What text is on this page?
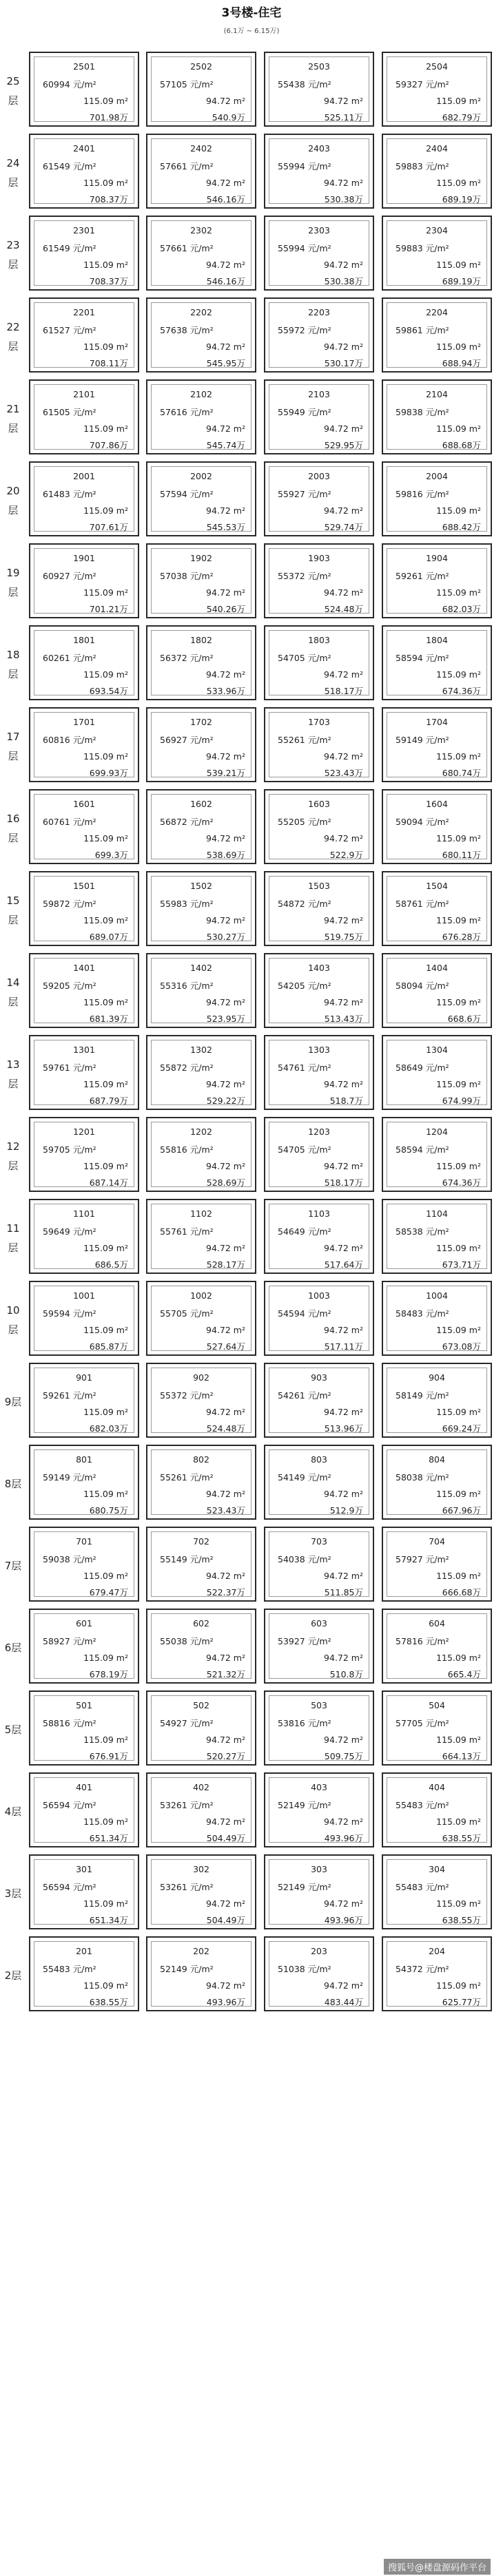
3号楼-住宅
(6.1万 ~ 6.15万)
25
层
2501
60994 元/m²
115.09 m²
701.98万
2502
57105 元/m²
94.72 m²
540.9万
2503
55438 元/m²
94.72 m²
525.11万
2504
59327 元/m²
115.09 m²
682.79万
24
层
2401
61549 元/m²
115.09 m²
708.37万
2402
57661 元/m²
94.72 m²
546.16万
2403
55994 元/m²
94.72 m²
530.38万
2404
59883 元/m²
115.09 m²
689.19万
23
层
2301
61549 元/m²
115.09 m²
708.37万
2302
57661 元/m²
94.72 m²
546.16万
2303
55994 元/m²
94.72 m²
530.38万
2304
59883 元/m²
115.09 m²
689.19万
22
层
2201
61527 元/m²
115.09 m²
708.11万
2202
57638 元/m²
94.72 m²
545.95万
2203
55972 元/m²
94.72 m²
530.17万
2204
59861 元/m²
115.09 m²
688.94万
21
层
2101
61505 元/m²
115.09 m²
707.86万
2102
57616 元/m²
94.72 m²
545.74万
2103
55949 元/m²
94.72 m²
529.95万
2104
59838 元/m²
115.09 m²
688.68万
20
层
2001
61483 元/m²
115.09 m²
707.61万
2002
57594 元/m²
94.72 m²
545.53万
2003
55927 元/m²
94.72 m²
529.74万
2004
59816 元/m²
115.09 m²
688.42万
19
层
1901
60927 元/m²
115.09 m²
701.21万
1902
57038 元/m²
94.72 m²
540.26万
1903
55372 元/m²
94.72 m²
524.48万
1904
59261 元/m²
115.09 m²
682.03万
18
层
1801
60261 元/m²
115.09 m²
693.54万
1802
56372 元/m²
94.72 m²
533.96万
1803
54705 元/m²
94.72 m²
518.17万
1804
58594 元/m²
115.09 m²
674.36万
17
层
1701
60816 元/m²
115.09 m²
699.93万
1702
56927 元/m²
94.72 m²
539.21万
1703
55261 元/m²
94.72 m²
523.43万
1704
59149 元/m²
115.09 m²
680.74万
16
层
1601
60761 元/m²
115.09 m²
699.3万
1602
56872 元/m²
94.72 m²
538.69万
1603
55205 元/m²
94.72 m²
522.9万
1604
59094 元/m²
115.09 m²
680.11万
15
层
1501
59872 元/m²
115.09 m²
689.07万
1502
55983 元/m²
94.72 m²
530.27万
1503
54872 元/m²
94.72 m²
519.75万
1504
58761 元/m²
115.09 m²
676.28万
14
层
1401
59205 元/m²
115.09 m²
681.39万
1402
55316 元/m²
94.72 m²
523.95万
1403
54205 元/m²
94.72 m²
513.43万
1404
58094 元/m²
115.09 m²
668.6万
13
层
1301
59761 元/m²
115.09 m²
687.79万
1302
55872 元/m²
94.72 m²
529.22万
1303
54761 元/m²
94.72 m²
518.7万
1304
58649 元/m²
115.09 m²
674.99万
12
层
1201
59705 元/m²
115.09 m²
687.14万
1202
55816 元/m²
94.72 m²
528.69万
1203
54705 元/m²
94.72 m²
518.17万
1204
58594 元/m²
115.09 m²
674.36万
11
层
1101
59649 元/m²
115.09 m²
686.5万
1102
55761 元/m²
94.72 m²
528.17万
1103
54649 元/m²
94.72 m²
517.64万
1104
58538 元/m²
115.09 m²
673.71万
10
层
1001
59594 元/m²
115.09 m²
685.87万
1002
55705 元/m²
94.72 m²
527.64万
1003
54594 元/m²
94.72 m²
517.11万
1004
58483 元/m²
115.09 m²
673.08万
9层
901
59261 元/m²
115.09 m²
682.03万
902
55372 元/m²
94.72 m²
524.48万
903
54261 元/m²
94.72 m²
513.96万
904
58149 元/m²
115.09 m²
669.24万
8层
801
59149 元/m²
115.09 m²
680.75万
802
55261 元/m²
94.72 m²
523.43万
803
54149 元/m²
94.72 m²
512.9万
804
58038 元/m²
115.09 m²
667.96万
7层
701
59038 元/m²
115.09 m²
679.47万
702
55149 元/m²
94.72 m²
522.37万
703
54038 元/m²
94.72 m²
511.85万
704
57927 元/m²
115.09 m²
666.68万
6层
601
58927 元/m²
115.09 m²
678.19万
602
55038 元/m²
94.72 m²
521.32万
603
53927 元/m²
94.72 m²
510.8万
604
57816 元/m²
115.09 m²
665.4万
5层
501
58816 元/m²
115.09 m²
676.91万
502
54927 元/m²
94.72 m²
520.27万
503
53816 元/m²
94.72 m²
509.75万
504
57705 元/m²
115.09 m²
664.13万
4层
401
56594 元/m²
115.09 m²
651.34万
402
53261 元/m²
94.72 m²
504.49万
403
52149 元/m²
94.72 m²
493.96万
404
55483 元/m²
115.09 m²
638.55万
3层
301
56594 元/m²
115.09 m²
651.34万
302
53261 元/m²
94.72 m²
504.49万
303
52149 元/m²
94.72 m²
493.96万
304
55483 元/m²
115.09 m²
638.55万
2层
201
55483 元/m²
115.09 m²
638.55万
202
52149 元/m²
94.72 m²
493.96万
203
51038 元/m²
94.72 m²
483.44万
204
54372 元/m²
115.09 m²
625.77万
搜狐号@楼盘源码作平台
